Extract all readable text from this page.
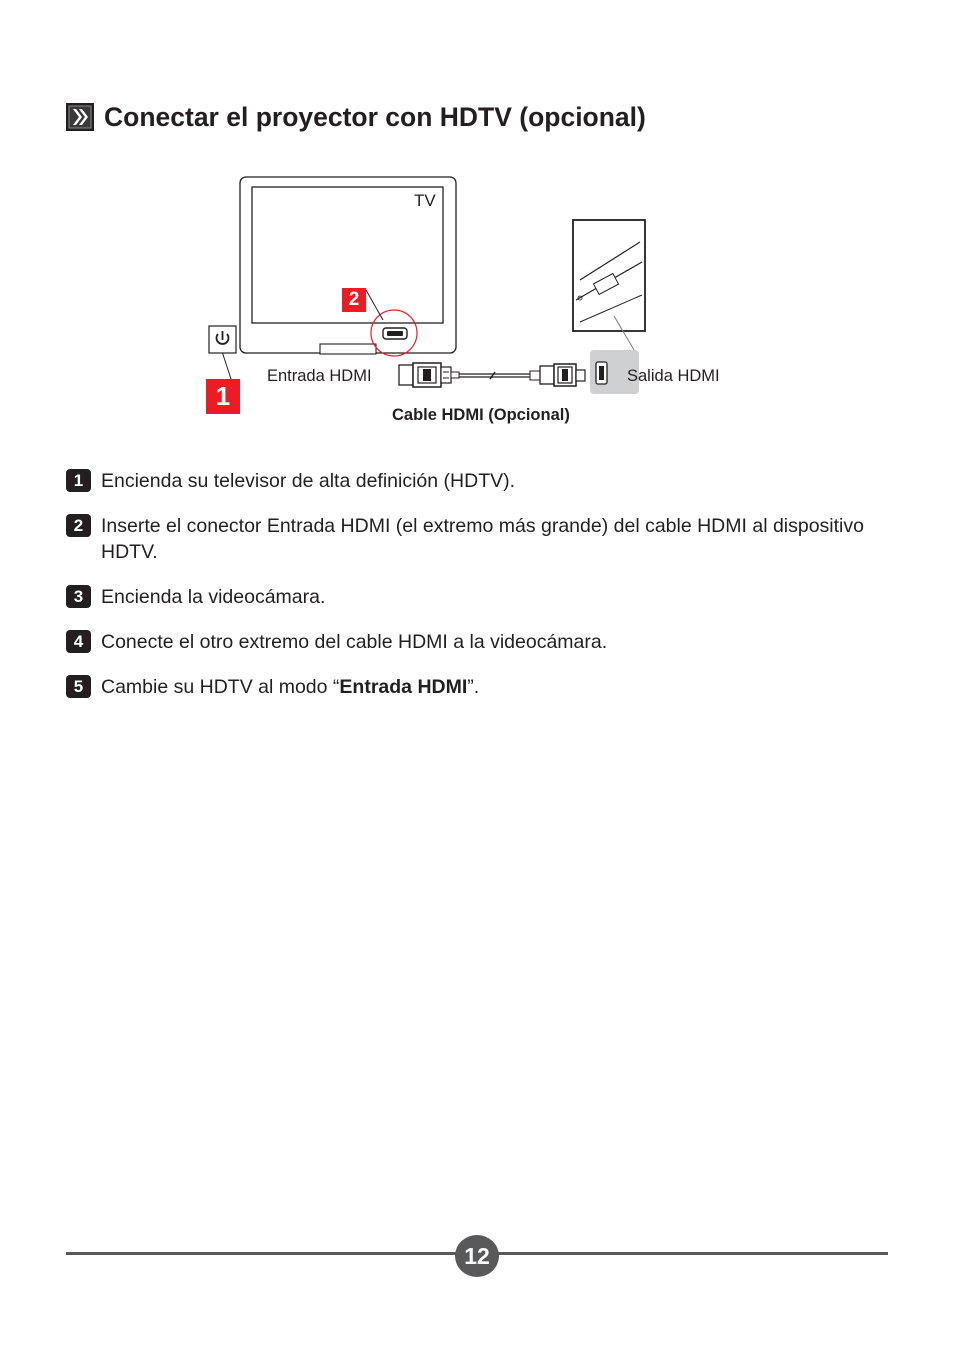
Conectar el proyector con HDTV (opcional)
TV
2
1
Entrada HDMI	Salida HDMI
Cable HDMI (Opcional)
1 Encienda su televisor de alta definición (HDTV).
2 Inserte el conector Entrada HDMI (el extremo más grande) del cable HDMI al dispositivo HDTV.
3 Encienda la videocámara.
4 Conecte el otro extremo del cable HDMI a la videocámara.
5 Cambie su HDTV al modo “Entrada HDMI”.
12
